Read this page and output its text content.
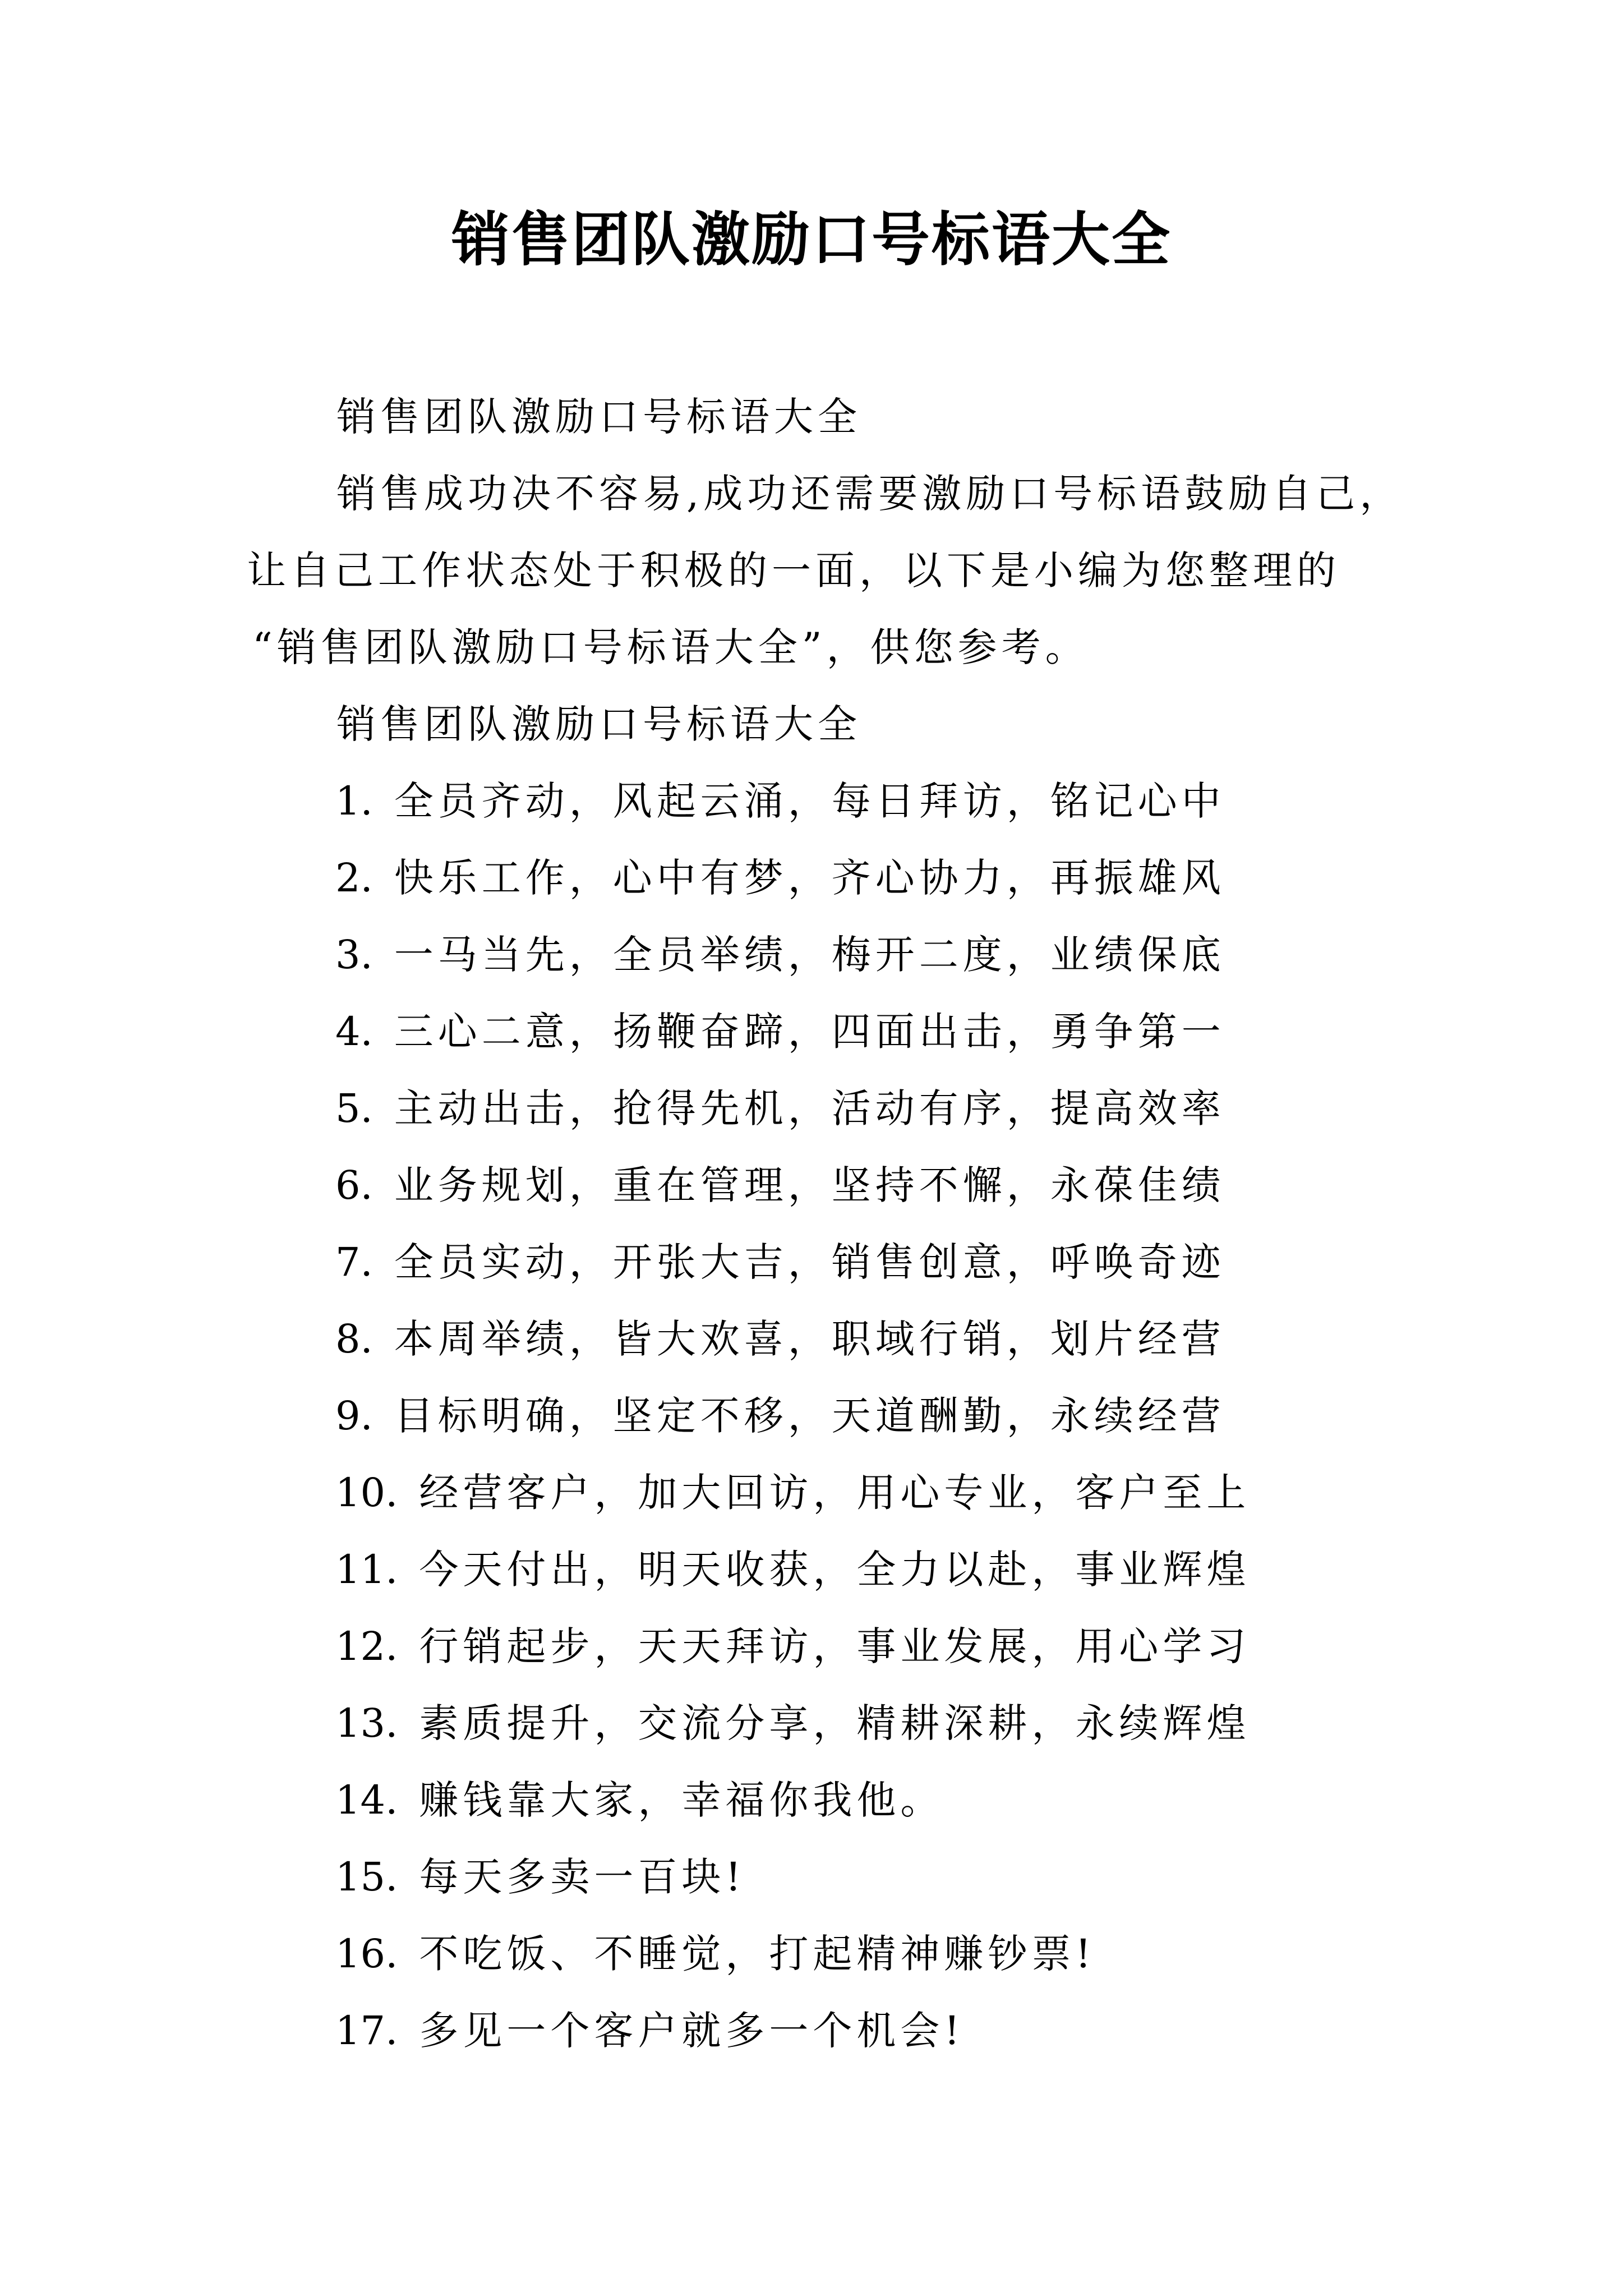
销售团队激励口号标语大全
销售团队激励口号标语大全
销售成功决不容易,成功还需要激励口号标语鼓励自己，
让自己工作状态处于积极的一面，以下是小编为您整理的
“销售团队激励口号标语大全”，供您参考。
销售团队激励口号标语大全
1. 全员齐动，风起云涌，每日拜访，铭记心中
2. 快乐工作，心中有梦，齐心协力，再振雄风
3. 一马当先，全员举绩，梅开二度，业绩保底
4. 三心二意，扬鞭奋蹄，四面出击，勇争第一
5. 主动出击，抢得先机，活动有序，提高效率
6. 业务规划，重在管理，坚持不懈，永葆佳绩
7. 全员实动，开张大吉，销售创意，呼唤奇迹
8. 本周举绩，皆大欢喜，职域行销，划片经营
9. 目标明确，坚定不移，天道酬勤，永续经营
10. 经营客户，加大回访，用心专业，客户至上
11. 今天付出，明天收获，全力以赴，事业辉煌
12. 行销起步，天天拜访，事业发展，用心学习
13. 素质提升，交流分享，精耕深耕，永续辉煌
14. 赚钱靠大家，幸福你我他。
15. 每天多卖一百块!
16. 不吃饭、不睡觉，打起精神赚钞票!
17. 多见一个客户就多一个机会!
